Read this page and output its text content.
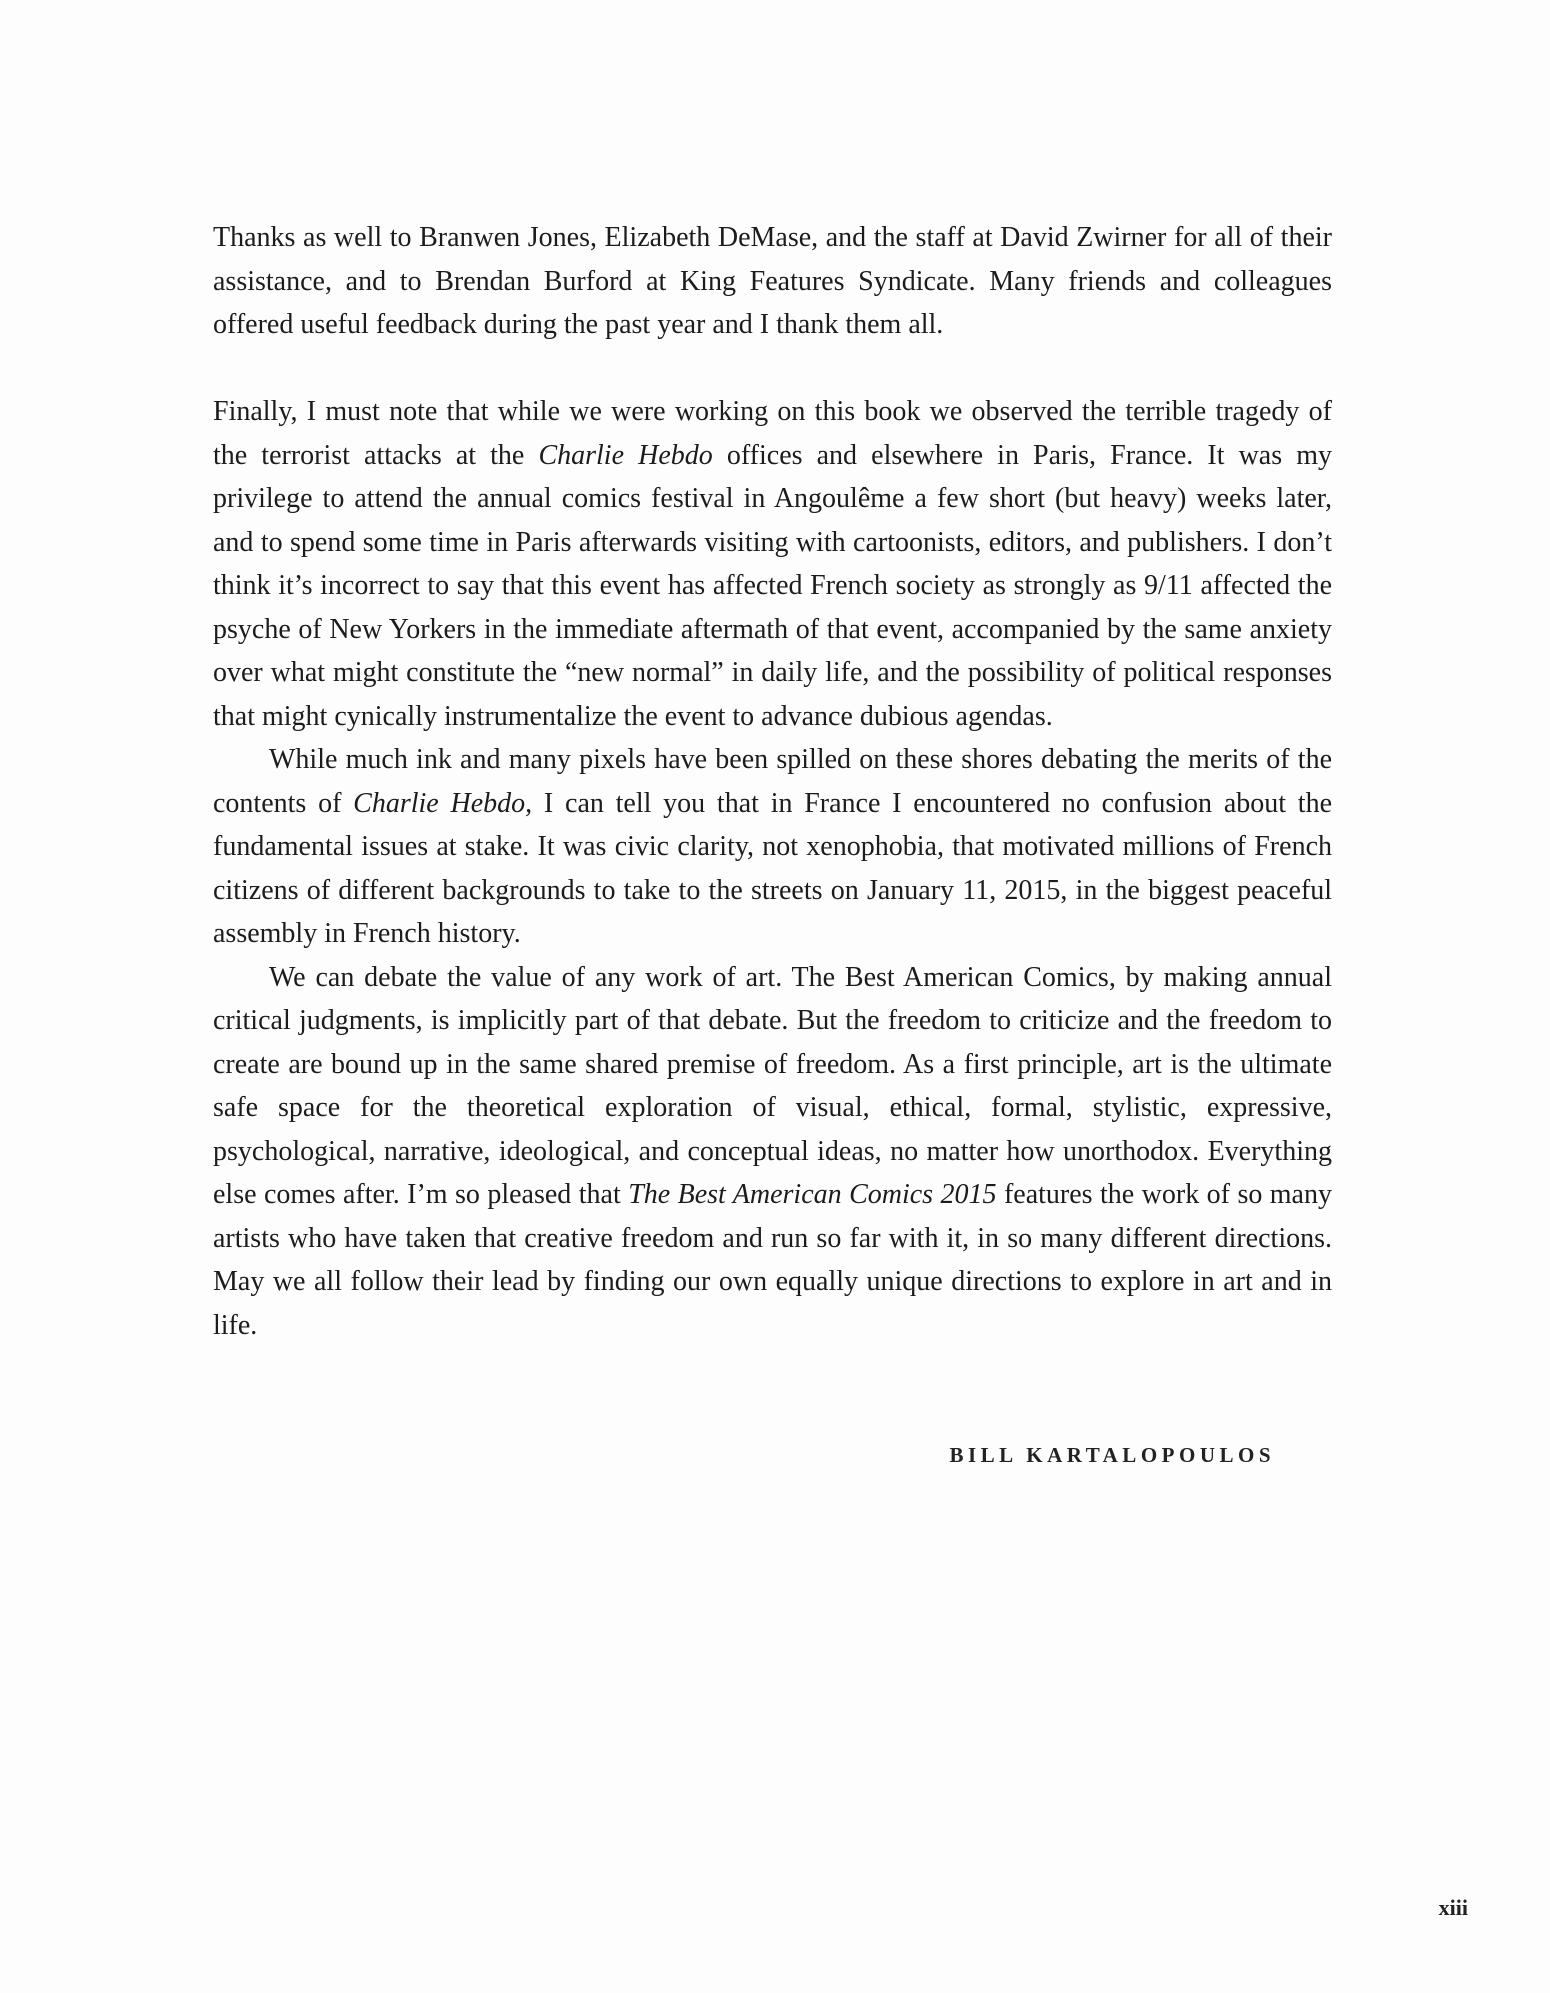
Thanks as well to Branwen Jones, Elizabeth DeMase, and the staff at David Zwirner for all of their assistance, and to Brendan Burford at King Features Syndicate. Many friends and colleagues offered useful feedback during the past year and I thank them all.

Finally, I must note that while we were working on this book we observed the terrible tragedy of the terrorist attacks at the Charlie Hebdo offices and elsewhere in Paris, France. It was my privilege to attend the annual comics festival in Angoulême a few short (but heavy) weeks later, and to spend some time in Paris afterwards visiting with cartoonists, editors, and publishers. I don’t think it’s incorrect to say that this event has affected French society as strongly as 9/11 affected the psyche of New Yorkers in the immediate aftermath of that event, accompanied by the same anxiety over what might constitute the “new normal” in daily life, and the possibility of political responses that might cynically instrumentalize the event to advance dubious agendas.

While much ink and many pixels have been spilled on these shores debating the merits of the contents of Charlie Hebdo, I can tell you that in France I encountered no confusion about the fundamental issues at stake. It was civic clarity, not xenophobia, that motivated millions of French citizens of different backgrounds to take to the streets on January 11, 2015, in the biggest peaceful assembly in French history.

We can debate the value of any work of art. The Best American Comics, by making annual critical judgments, is implicitly part of that debate. But the freedom to criticize and the freedom to create are bound up in the same shared premise of freedom. As a first principle, art is the ultimate safe space for the theoretical exploration of visual, ethical, formal, stylistic, expressive, psychological, narrative, ideological, and conceptual ideas, no matter how unorthodox. Everything else comes after. I’m so pleased that The Best American Comics 2015 features the work of so many artists who have taken that creative freedom and run so far with it, in so many different directions. May we all follow their lead by finding our own equally unique directions to explore in art and in life.

BILL KARTALOPOULOS
xiii
